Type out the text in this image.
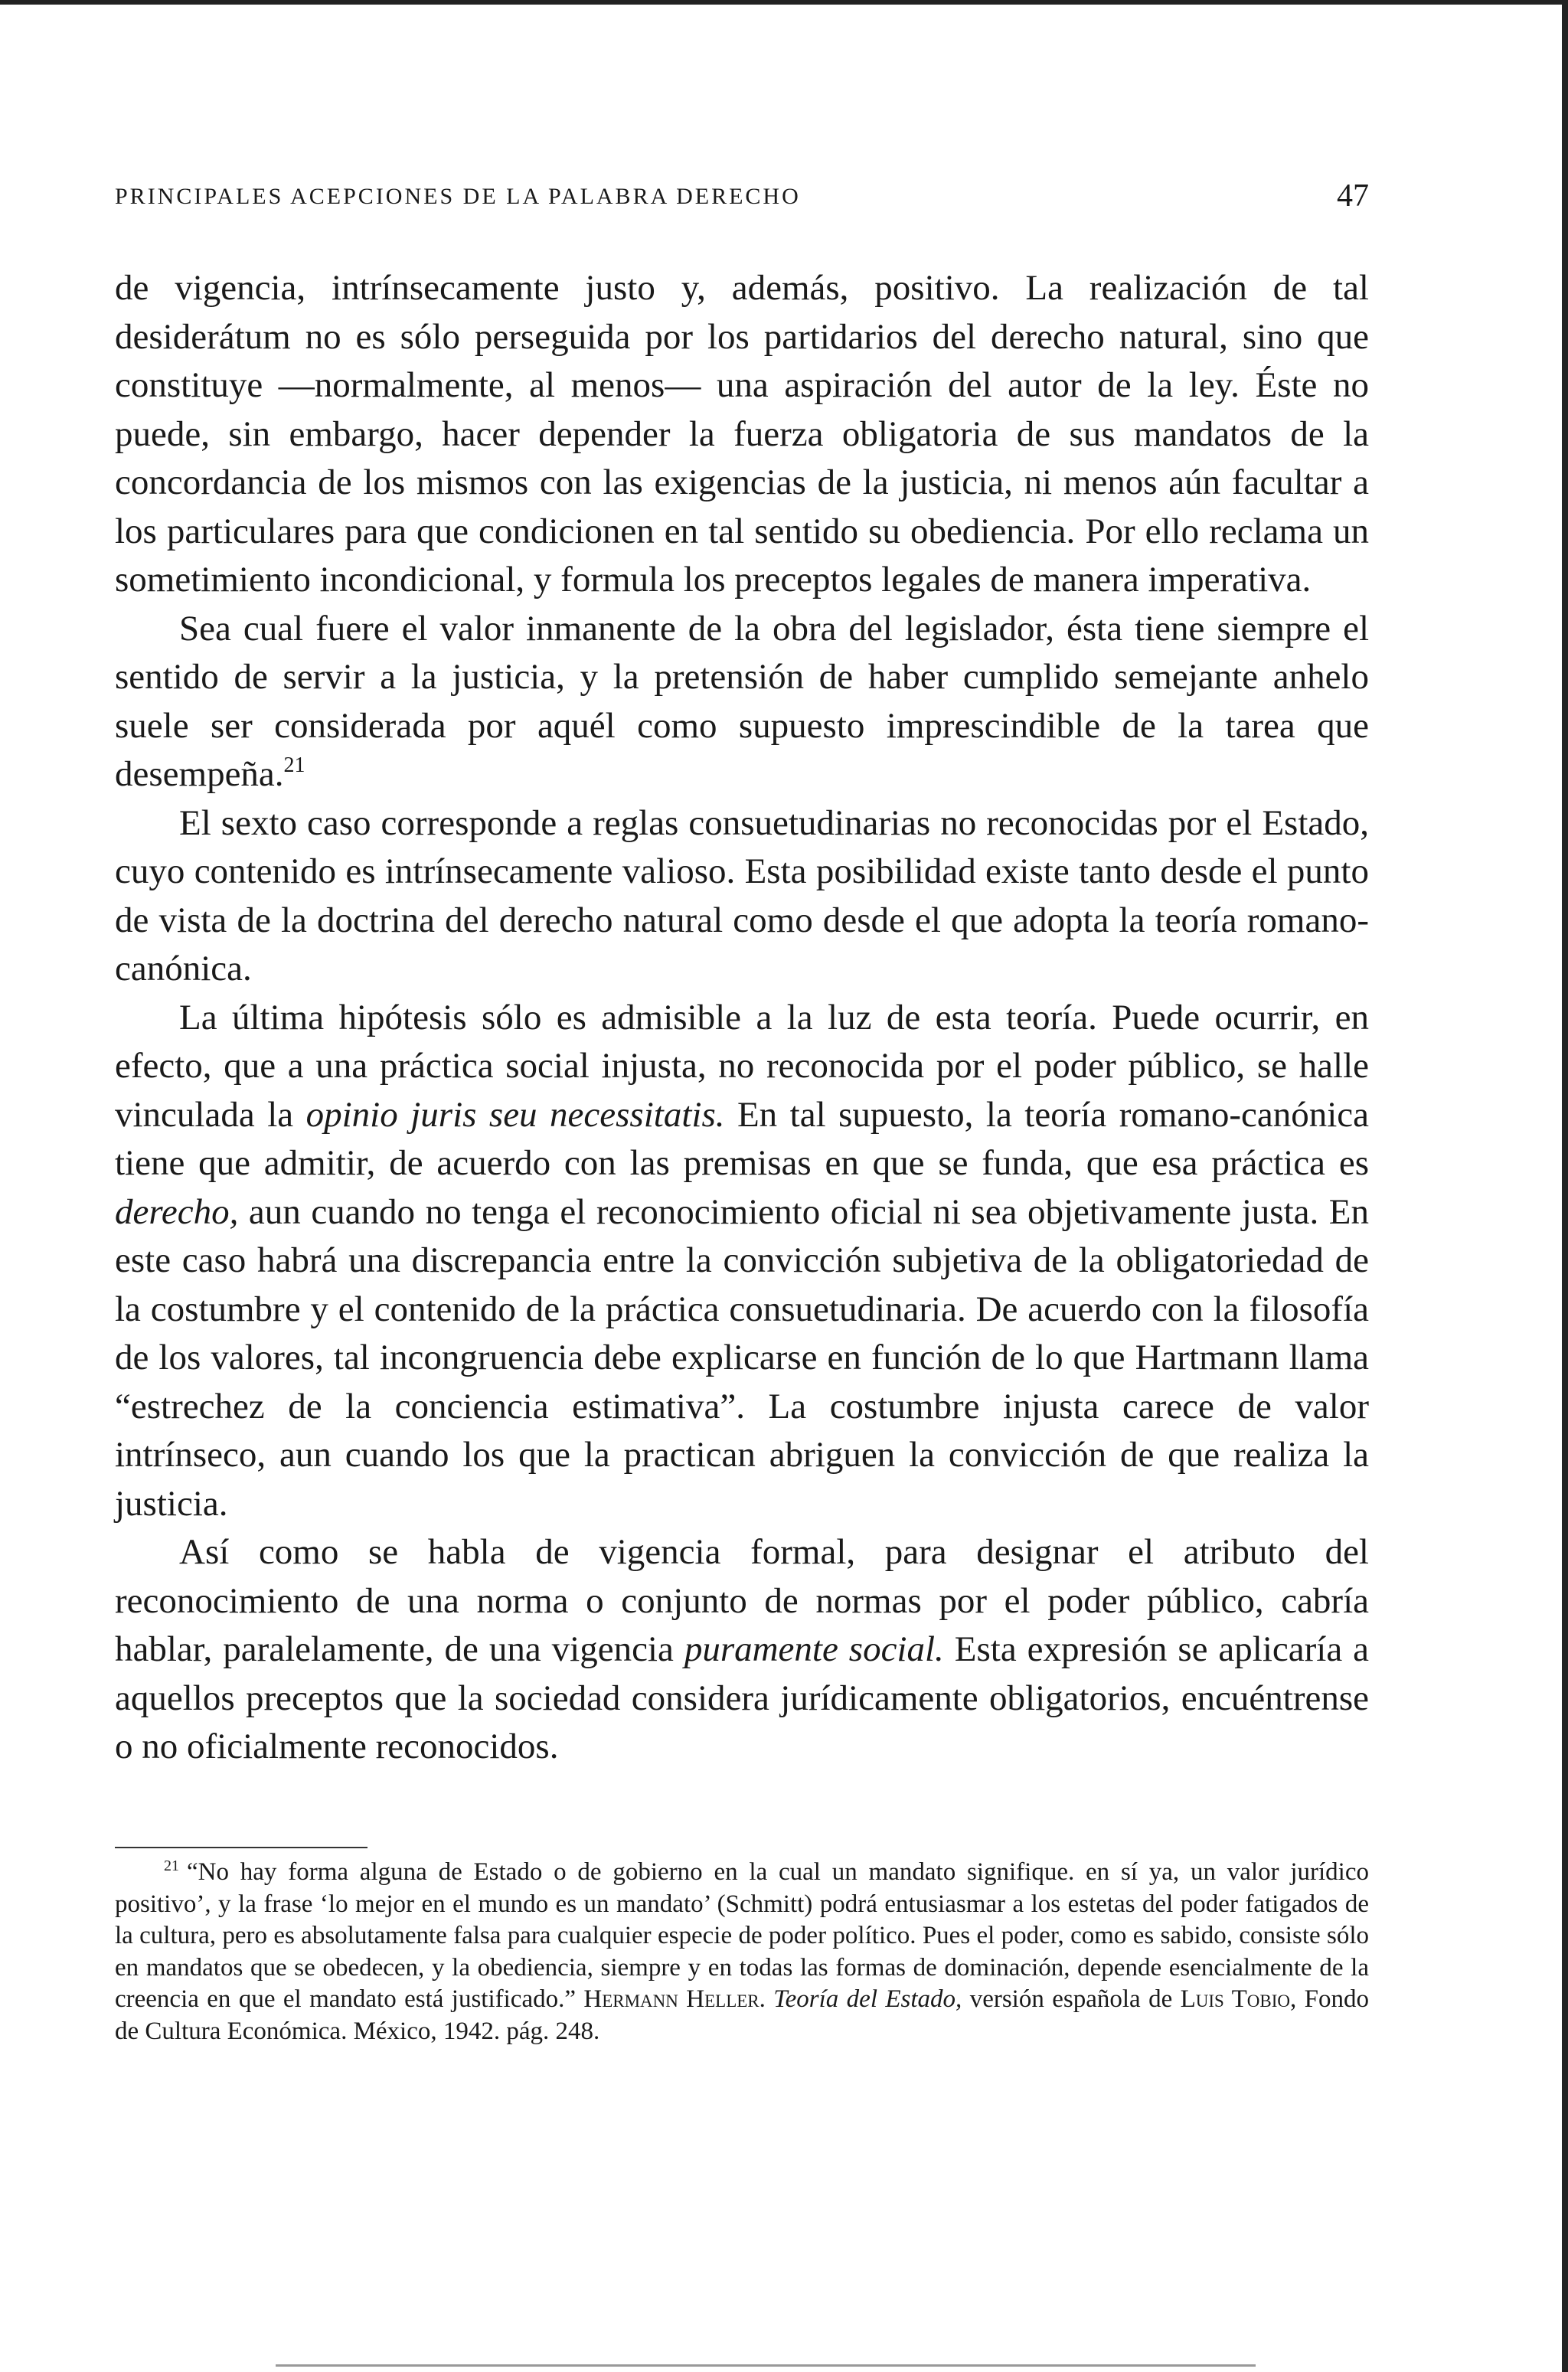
PRINCIPALES ACEPCIONES DE LA PALABRA DERECHO	47

de vigencia, intrínsecamente justo y, además, positivo. La realización de tal desiderátum no es sólo perseguida por los partidarios del derecho natural, sino que constituye —normalmente, al menos— una aspiración del autor de la ley. Éste no puede, sin embargo, hacer depender la fuerza obligatoria de sus mandatos de la concordancia de los mismos con las exigencias de la justicia, ni menos aún facultar a los particulares para que condicionen en tal sentido su obediencia. Por ello reclama un sometimiento incondicional, y formula los preceptos legales de manera imperativa.

Sea cual fuere el valor inmanente de la obra del legislador, ésta tiene siempre el sentido de servir a la justicia, y la pretensión de haber cumplido semejante anhelo suele ser considerada por aquél como supuesto imprescindible de la tarea que desempeña.$^{21}$

El sexto caso corresponde a reglas consuetudinarias no reconocidas por el Estado, cuyo contenido es intrínsecamente valioso. Esta posibilidad existe tanto desde el punto de vista de la doctrina del derecho natural como desde el que adopta la teoría romano-canónica.

La última hipótesis sólo es admisible a la luz de esta teoría. Puede ocurrir, en efecto, que a una práctica social injusta, no reconocida por el poder público, se halle vinculada la opinio juris seu necessitatis. En tal supuesto, la teoría romano-canónica tiene que admitir, de acuerdo con las premisas en que se funda, que esa práctica es derecho, aun cuando no tenga el reconocimiento oficial ni sea objetivamente justa. En este caso habrá una discrepancia entre la convicción subjetiva de la obligatoriedad de la costumbre y el contenido de la práctica consuetudinaria. De acuerdo con la filosofía de los valores, tal incongruencia debe explicarse en función de lo que Hartmann llama “estrechez de la conciencia estimativa”. La costumbre injusta carece de valor intrínseco, aun cuando los que la practican abriguen la convicción de que realiza la justicia.

Así como se habla de vigencia formal, para designar el atributo del reconocimiento de una norma o conjunto de normas por el poder público, cabría hablar, paralelamente, de una vigencia puramente social. Esta expresión se aplicaría a aquellos preceptos que la sociedad considera jurídicamente obligatorios, encuéntrense o no oficialmente reconocidos.

$^{21}$ “No hay forma alguna de Estado o de gobierno en la cual un mandato signifique. en sí ya, un valor jurídico positivo’, y la frase ‘lo mejor en el mundo es un mandato’ (Schmitt) podrá entusiasmar a los estetas del poder fatigados de la cultura, pero es absolutamente falsa para cualquier especie de poder político. Pues el poder, como es sabido, consiste sólo en mandatos que se obedecen, y la obediencia, siempre y en todas las formas de dominación, depende esencialmente de la creencia en que el mandato está justificado.” Hermann Heller. Teoría del Estado, versión española de Luis Tobio, Fondo de Cultura Económica. México, 1942. pág. 248.
